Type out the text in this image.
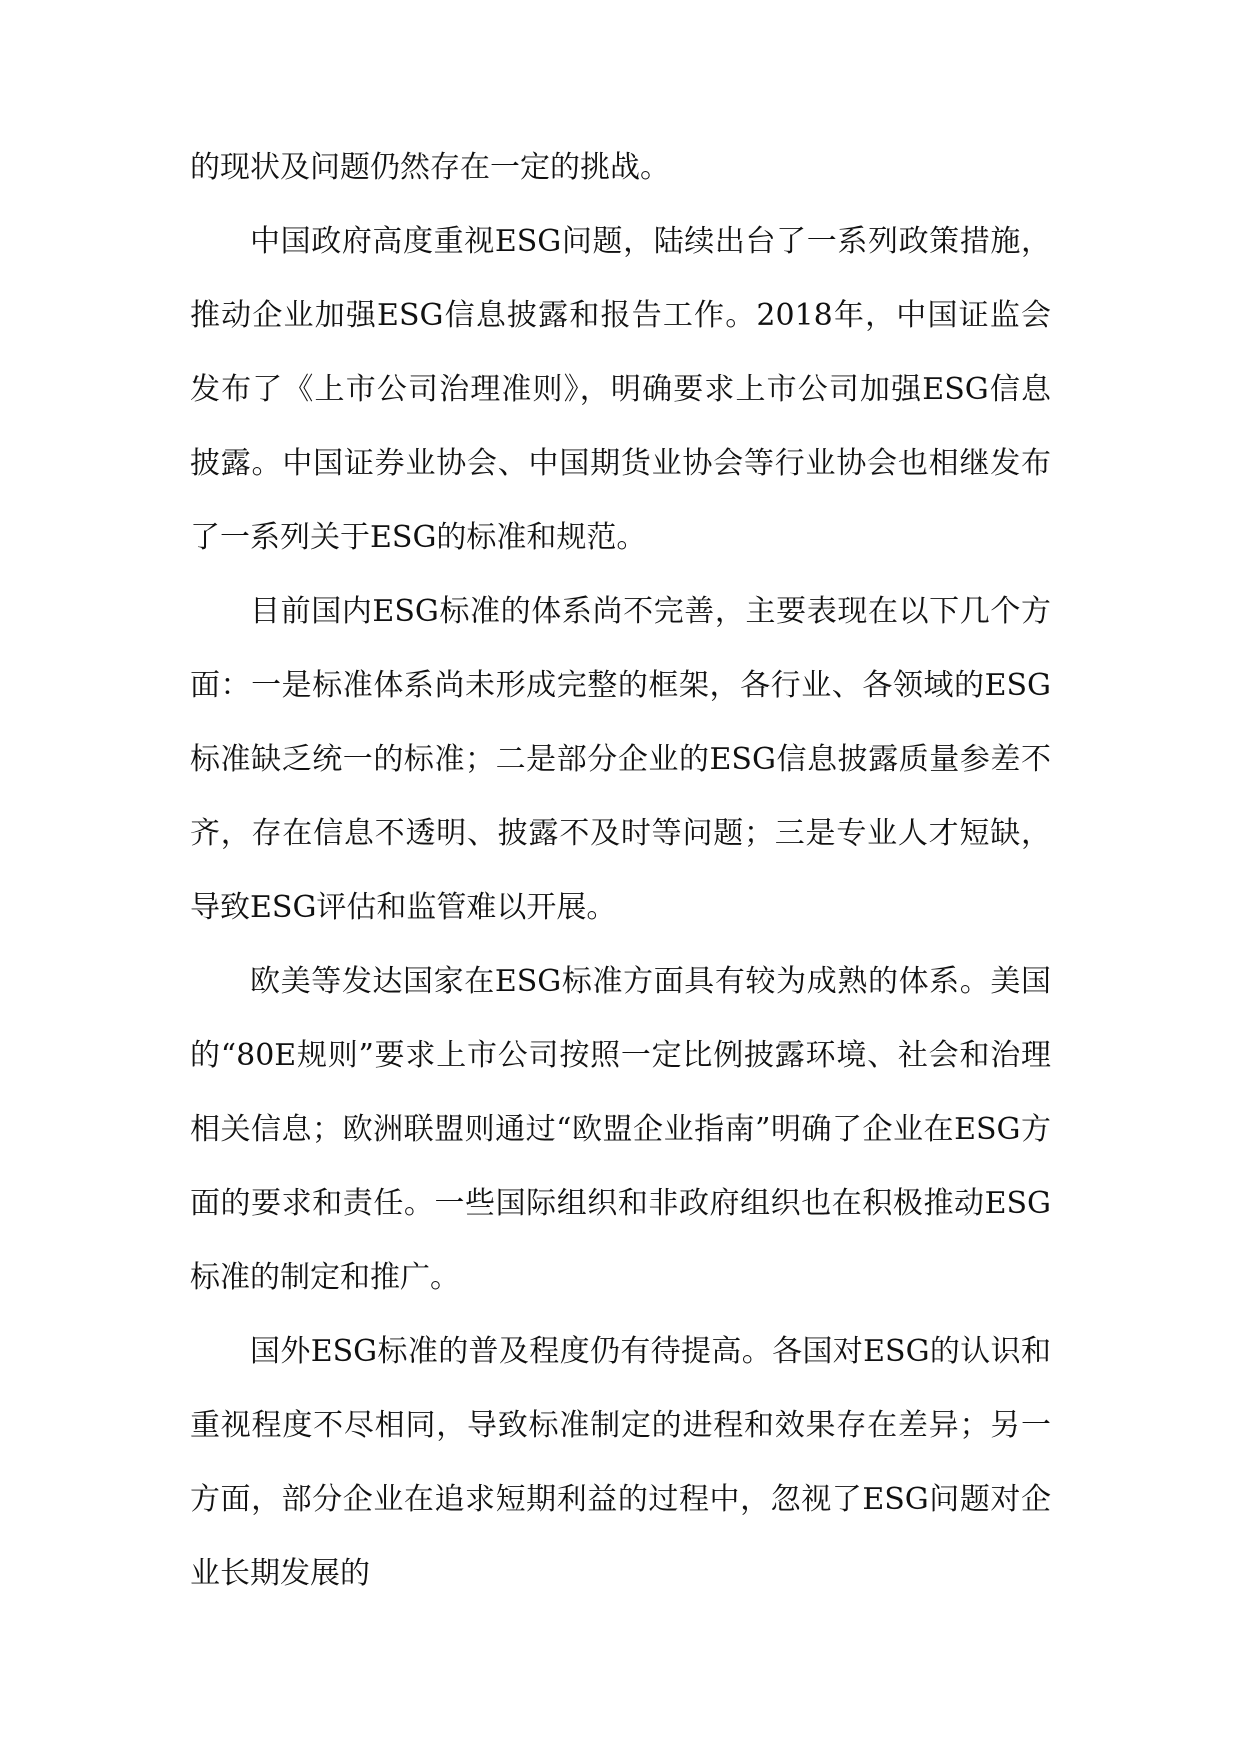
的现状及问题仍然存在一定的挑战。

中国政府高度重视ESG问题，陆续出台了一系列政策措施，推动企业加强ESG信息披露和报告工作。2018年，中国证监会发布了《上市公司治理准则》，明确要求上市公司加强ESG信息披露。中国证券业协会、中国期货业协会等行业协会也相继发布了一系列关于ESG的标准和规范。

目前国内ESG标准的体系尚不完善，主要表现在以下几个方面：一是标准体系尚未形成完整的框架，各行业、各领域的ESG标准缺乏统一的标准；二是部分企业的ESG信息披露质量参差不齐，存在信息不透明、披露不及时等问题；三是专业人才短缺，导致ESG评估和监管难以开展。

欧美等发达国家在ESG标准方面具有较为成熟的体系。美国的“80E规则”要求上市公司按照一定比例披露环境、社会和治理相关信息；欧洲联盟则通过“欧盟企业指南”明确了企业在ESG方面的要求和责任。一些国际组织和非政府组织也在积极推动ESG标准的制定和推广。

国外ESG标准的普及程度仍有待提高。各国对ESG的认识和重视程度不尽相同，导致标准制定的进程和效果存在差异；另一方面，部分企业在追求短期利益的过程中，忽视了ESG问题对企业长期发展的
